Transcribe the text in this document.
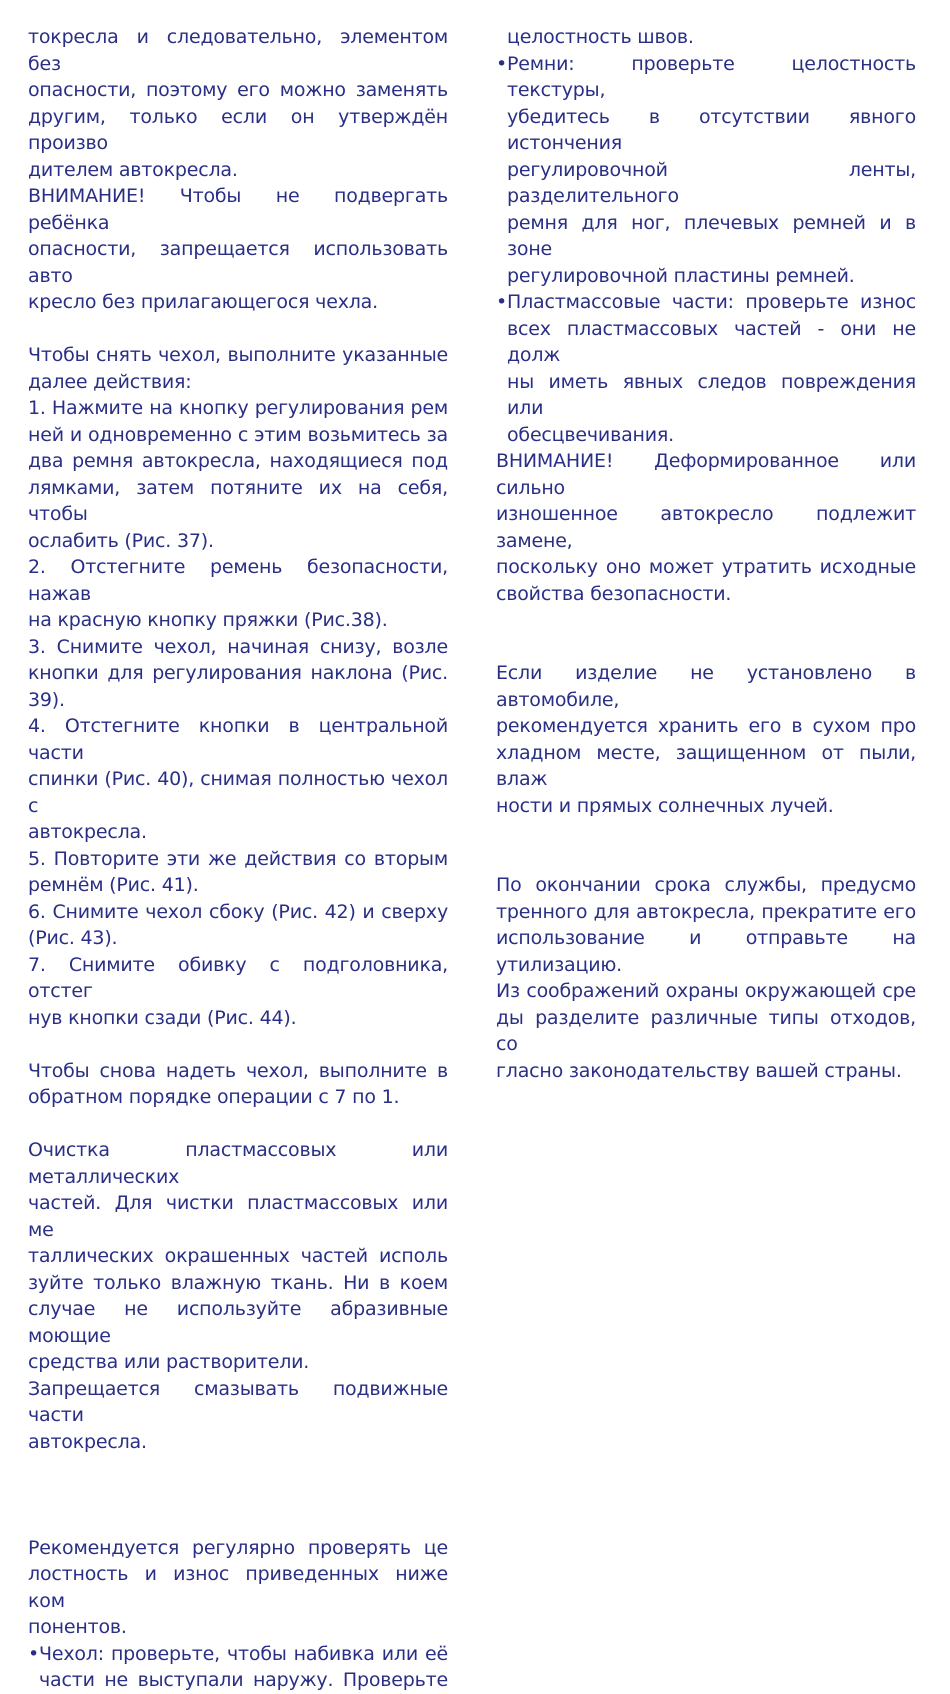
токресла и следовательно, элементом без

опасности, поэтому его можно заменять

другим, только если он утверждён произво

дителем автокресла.

ВНИМАНИЕ! Чтобы не подвергать ребёнка

опасности, запрещается использовать авто

кресло без прилагающегося чехла.

Чтобы снять чехол, выполните указанные

далее действия:

1. Нажмите на кнопку регулирования рем

ней и одновременно с этим возьмитесь за

два ремня автокресла, находящиеся под

лямками, затем потяните их на себя, чтобы

ослабить (Рис. 37).

2. Отстегните ремень безопасности, нажав

на красную кнопку пряжки (Рис.38).

3. Снимите чехол, начиная снизу, возле

кнопки для регулирования наклона (Рис.

39).

4. Отстегните кнопки в центральной части

спинки (Рис. 40), снимая полностью чехол с

автокресла.

5. Повторите эти же действия со вторым

ремнём (Рис. 41).

6. Снимите чехол сбоку (Рис. 42) и сверху

(Рис. 43).

7. Снимите обивку с подголовника, отстег

нув кнопки сзади (Рис. 44).

Чтобы снова надеть чехол, выполните в

обратном порядке операции с 7 по 1.

Очистка пластмассовых или металлических

частей. Для чистки пластмассовых или ме

таллических окрашенных частей исполь

зуйте только влажную ткань. Ни в коем

случае не используйте абразивные моющие

средства или растворители.

Запрещается смазывать подвижные части

автокресла.

Рекомендуется регулярно проверять це

лостность и износ приведенных ниже ком

понентов.

• Чехол: проверьте, чтобы набивка или её

части не выступали наружу. Проверьте

целостность швов.

• Ремни: проверьте целостность текстуры,

убедитесь в отсутствии явного истончения

регулировочной ленты, разделительного

ремня для ног, плечевых ремней и в зоне

регулировочной пластины ремней.

• Пластмассовые части: проверьте износ

всех пластмассовых частей - они не долж

ны иметь явных следов повреждения или

обесцвечивания.

ВНИМАНИЕ! Деформированное или сильно

изношенное автокресло подлежит замене,

поскольку оно может утратить исходные

свойства безопасности.

Если изделие не установлено в автомобиле,

рекомендуется хранить его в сухом про

хладном месте, защищенном от пыли, влаж

ности и прямых солнечных лучей.

По окончании срока службы, предусмо

тренного для автокресла, прекратите его

использование и отправьте на утилизацию.

Из соображений охраны окружающей сре

ды разделите различные типы отходов, со

гласно законодательству вашей страны.
